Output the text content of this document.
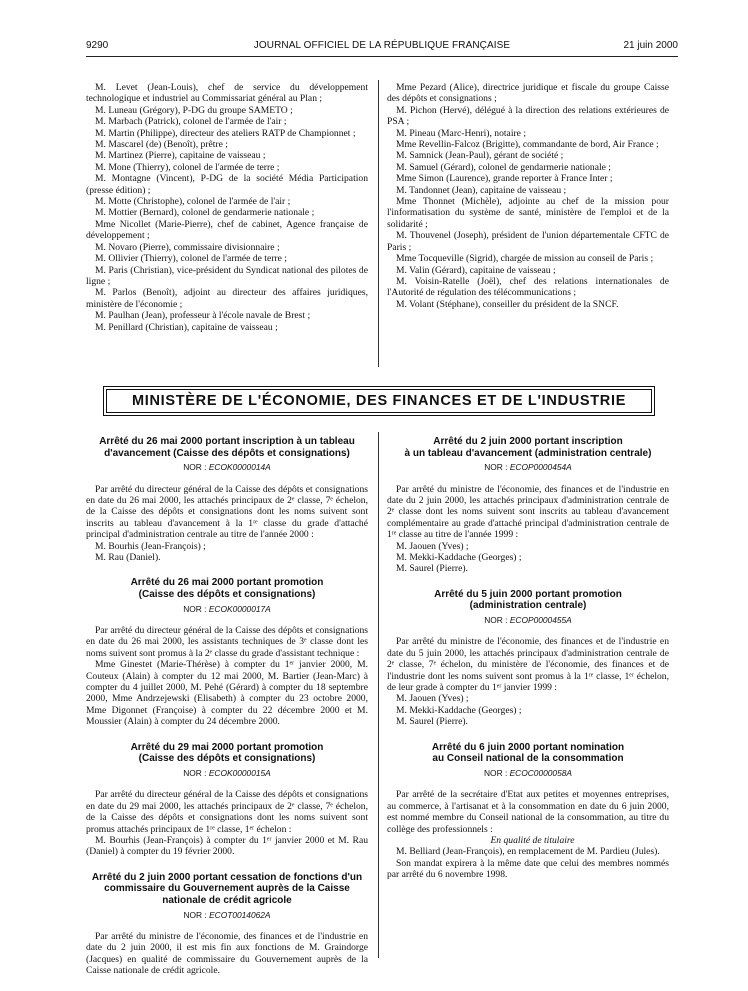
9290	JOURNAL OFFICIEL DE LA RÉPUBLIQUE FRANÇAISE	21 juin 2000

M. Levet (Jean-Louis), chef de service du développement technologique et industriel au Commissariat général au Plan ;

M. Luneau (Grégory), P-DG du groupe SAMETO ;

M. Marbach (Patrick), colonel de l'armée de l'air ;

M. Martin (Philippe), directeur des ateliers RATP de Championnet ;

M. Mascarel (de) (Benoît), prêtre ;

M. Martinez (Pierre), capitaine de vaisseau ;

M. Mone (Thierry), colonel de l'armée de terre ;

M. Montagne (Vincent), P-DG de la société Média Participation (presse édition) ;

M. Motte (Christophe), colonel de l'armée de l'air ;

M. Mottier (Bernard), colonel de gendarmerie nationale ;

Mme Nicollet (Marie-Pierre), chef de cabinet, Agence française de développement ;

M. Novaro (Pierre), commissaire divisionnaire ;

M. Ollivier (Thierry), colonel de l'armée de terre ;

M. Paris (Christian), vice-président du Syndicat national des pilotes de ligne ;

M. Parlos (Benoît), adjoint au directeur des affaires juridiques, ministère de l'économie ;

M. Paulhan (Jean), professeur à l'école navale de Brest ;

M. Penillard (Christian), capitaine de vaisseau ;

Mme Pezard (Alice), directrice juridique et fiscale du groupe Caisse des dépôts et consignations ;

M. Pichon (Hervé), délégué à la direction des relations extérieures de PSA ;

M. Pineau (Marc-Henri), notaire ;

Mme Revellin-Falcoz (Brigitte), commandante de bord, Air France ;

M. Samnick (Jean-Paul), gérant de société ;

M. Samuel (Gérard), colonel de gendarmerie nationale ;

Mme Simon (Laurence), grande reporter à France Inter ;

M. Tandonnet (Jean), capitaine de vaisseau ;

Mme Thonnet (Michèle), adjointe au chef de la mission pour l'informatisation du système de santé, ministère de l'emploi et de la solidarité ;

M. Thouvenel (Joseph), président de l'union départementale CFTC de Paris ;

Mme Tocqueville (Sigrid), chargée de mission au conseil de Paris ;

M. Valin (Gérard), capitaine de vaisseau ;

M. Voisin-Ratelle (Joël), chef des relations internationales de l'Autorité de régulation des télécommunications ;

M. Volant (Stéphane), conseiller du président de la SNCF.

MINISTÈRE DE L'ÉCONOMIE, DES FINANCES ET DE L'INDUSTRIE
Arrêté du 26 mai 2000 portant inscription à un tableau
d'avancement (Caisse des dépôts et consignations)
NOR : ECOK0000014A

Par arrêté du directeur général de la Caisse des dépôts et consignations en date du 26 mai 2000, les attachés principaux de 2ᵉ classe, 7ᵉ échelon, de la Caisse des dépôts et consignations dont les noms suivent sont inscrits au tableau d'avancement à la 1ʳᵉ classe du grade d'attaché principal d'administration centrale au titre de l'année 2000 :

M. Bourhis (Jean-François) ;

M. Rau (Daniel).

Arrêté du 26 mai 2000 portant promotion
(Caisse des dépôts et consignations)
NOR : ECOK0000017A

Par arrêté du directeur général de la Caisse des dépôts et consignations en date du 26 mai 2000, les assistants techniques de 3ᵉ classe dont les noms suivent sont promus à la 2ᵉ classe du grade d'assistant technique :

Mme Ginestet (Marie-Thérèse) à compter du 1ᵉʳ janvier 2000, M. Couteux (Alain) à compter du 12 mai 2000, M. Bartier (Jean-Marc) à compter du 4 juillet 2000, M. Pehé (Gérard) à compter du 18 septembre 2000, Mme Andrzejewski (Elisabeth) à compter du 23 octobre 2000, Mme Digonnet (Françoise) à compter du 22 décembre 2000 et M. Moussier (Alain) à compter du 24 décembre 2000.

Arrêté du 29 mai 2000 portant promotion
(Caisse des dépôts et consignations)
NOR : ECOK0000015A

Par arrêté du directeur général de la Caisse des dépôts et consignations en date du 29 mai 2000, les attachés principaux de 2ᵉ classe, 7ᵉ échelon, de la Caisse des dépôts et consignations dont les noms suivent sont promus attachés principaux de 1ʳᵉ classe, 1ᵉʳ échelon :

M. Bourhis (Jean-François) à compter du 1ᵉʳ janvier 2000 et M. Rau (Daniel) à compter du 19 février 2000.

Arrêté du 2 juin 2000 portant cessation de fonctions d'un
commissaire du Gouvernement auprès de la Caisse nationale de crédit agricole
NOR : ECOT0014062A

Par arrêté du ministre de l'économie, des finances et de l'industrie en date du 2 juin 2000, il est mis fin aux fonctions de M. Graindorge (Jacques) en qualité de commissaire du Gouvernement auprès de la Caisse nationale de crédit agricole.

Arrêté du 2 juin 2000 portant inscription
à un tableau d'avancement (administration centrale)
NOR : ECOP0000454A

Par arrêté du ministre de l'économie, des finances et de l'industrie en date du 2 juin 2000, les attachés principaux d'administration centrale de 2ᵉ classe dont les noms suivent sont inscrits au tableau d'avancement complémentaire au grade d'attaché principal d'administration centrale de 1ʳᵉ classe au titre de l'année 1999 :

M. Jaouen (Yves) ;

M. Mekki-Kaddache (Georges) ;

M. Saurel (Pierre).

Arrêté du 5 juin 2000 portant promotion
(administration centrale)
NOR : ECOP0000455A

Par arrêté du ministre de l'économie, des finances et de l'industrie en date du 5 juin 2000, les attachés principaux d'administration centrale de 2ᵉ classe, 7ᵉ échelon, du ministère de l'économie, des finances et de l'industrie dont les noms suivent sont promus à la 1ʳᵉ classe, 1ᵉʳ échelon, de leur grade à compter du 1ᵉʳ janvier 1999 :

M. Jaouen (Yves) ;

M. Mekki-Kaddache (Georges) ;

M. Saurel (Pierre).

Arrêté du 6 juin 2000 portant nomination
au Conseil national de la consommation
NOR : ECOC0000058A

Par arrêté de la secrétaire d'Etat aux petites et moyennes entreprises, au commerce, à l'artisanat et à la consommation en date du 6 juin 2000, est nommé membre du Conseil national de la consommation, au titre du collège des professionnels :

En qualité de titulaire

M. Belliard (Jean-François), en remplacement de M. Pardieu (Jules).

Son mandat expirera à la même date que celui des membres nommés par arrêté du 6 novembre 1998.
